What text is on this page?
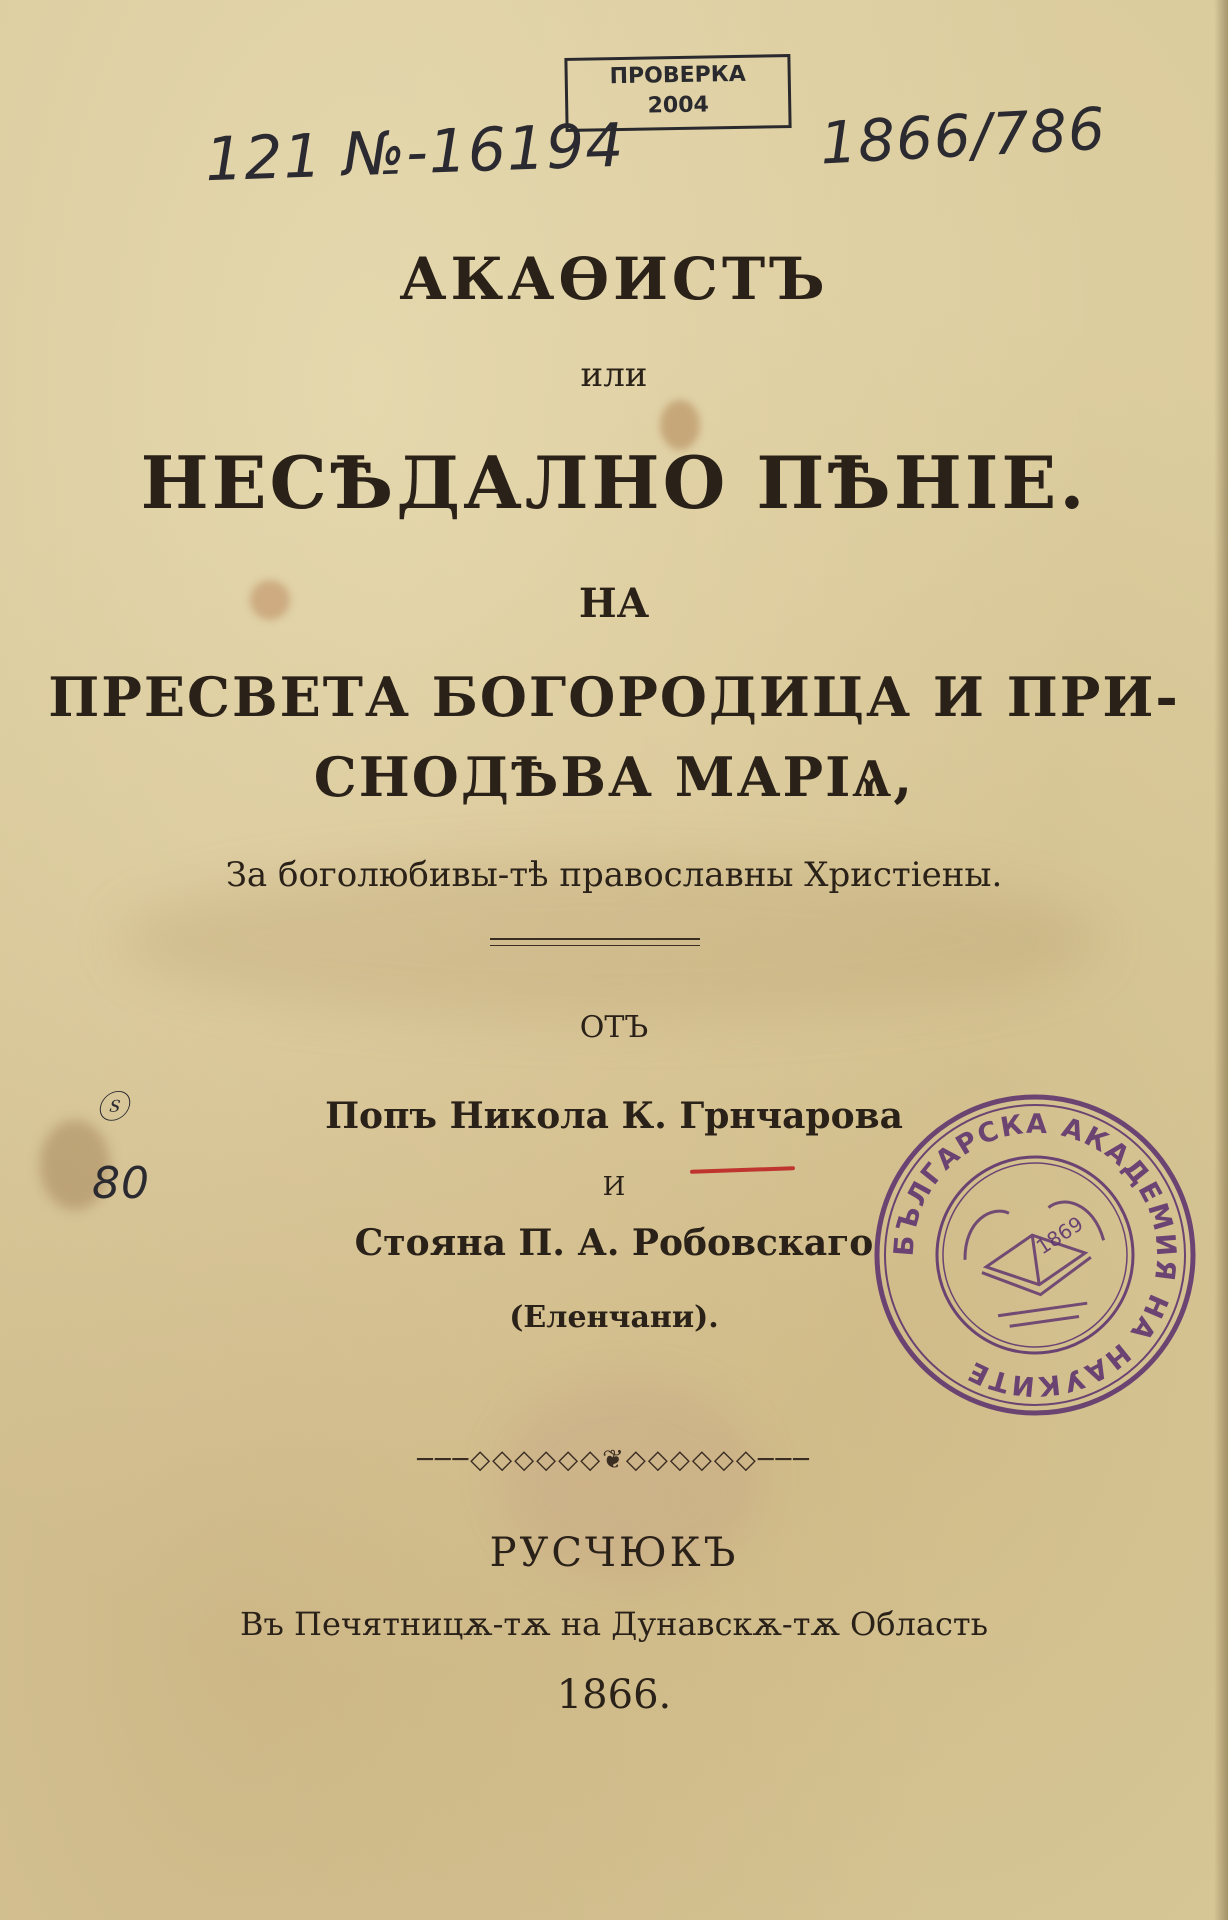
121 №-16194
ПРОВЕРКА
2004	1866/786
ⓢ
80
АКАѲИСТЪ
или
НЕСѢДАЛНО ПѢНІЕ.
НА
ПРЕСВЕТА БОГОРОДИЦА И ПРИ-
СНОДѢВА МАРІѦ,
За боголюбивы-тѣ православны Христіены.
ОТЪ
Попъ Никола К. Грнчарова
И
Стояна П. А. Робовскаго
(Еленчани).
───◇◇◇◇◇◇❦◇◇◇◇◇◇───
РУСЧЮКЪ
Въ Печятницѫ-тѫ на Дунавскѫ-тѫ Область
1866.
БЪЛГАРСКА АКАДЕМИЯ НА НАУКИТЕ
1869
